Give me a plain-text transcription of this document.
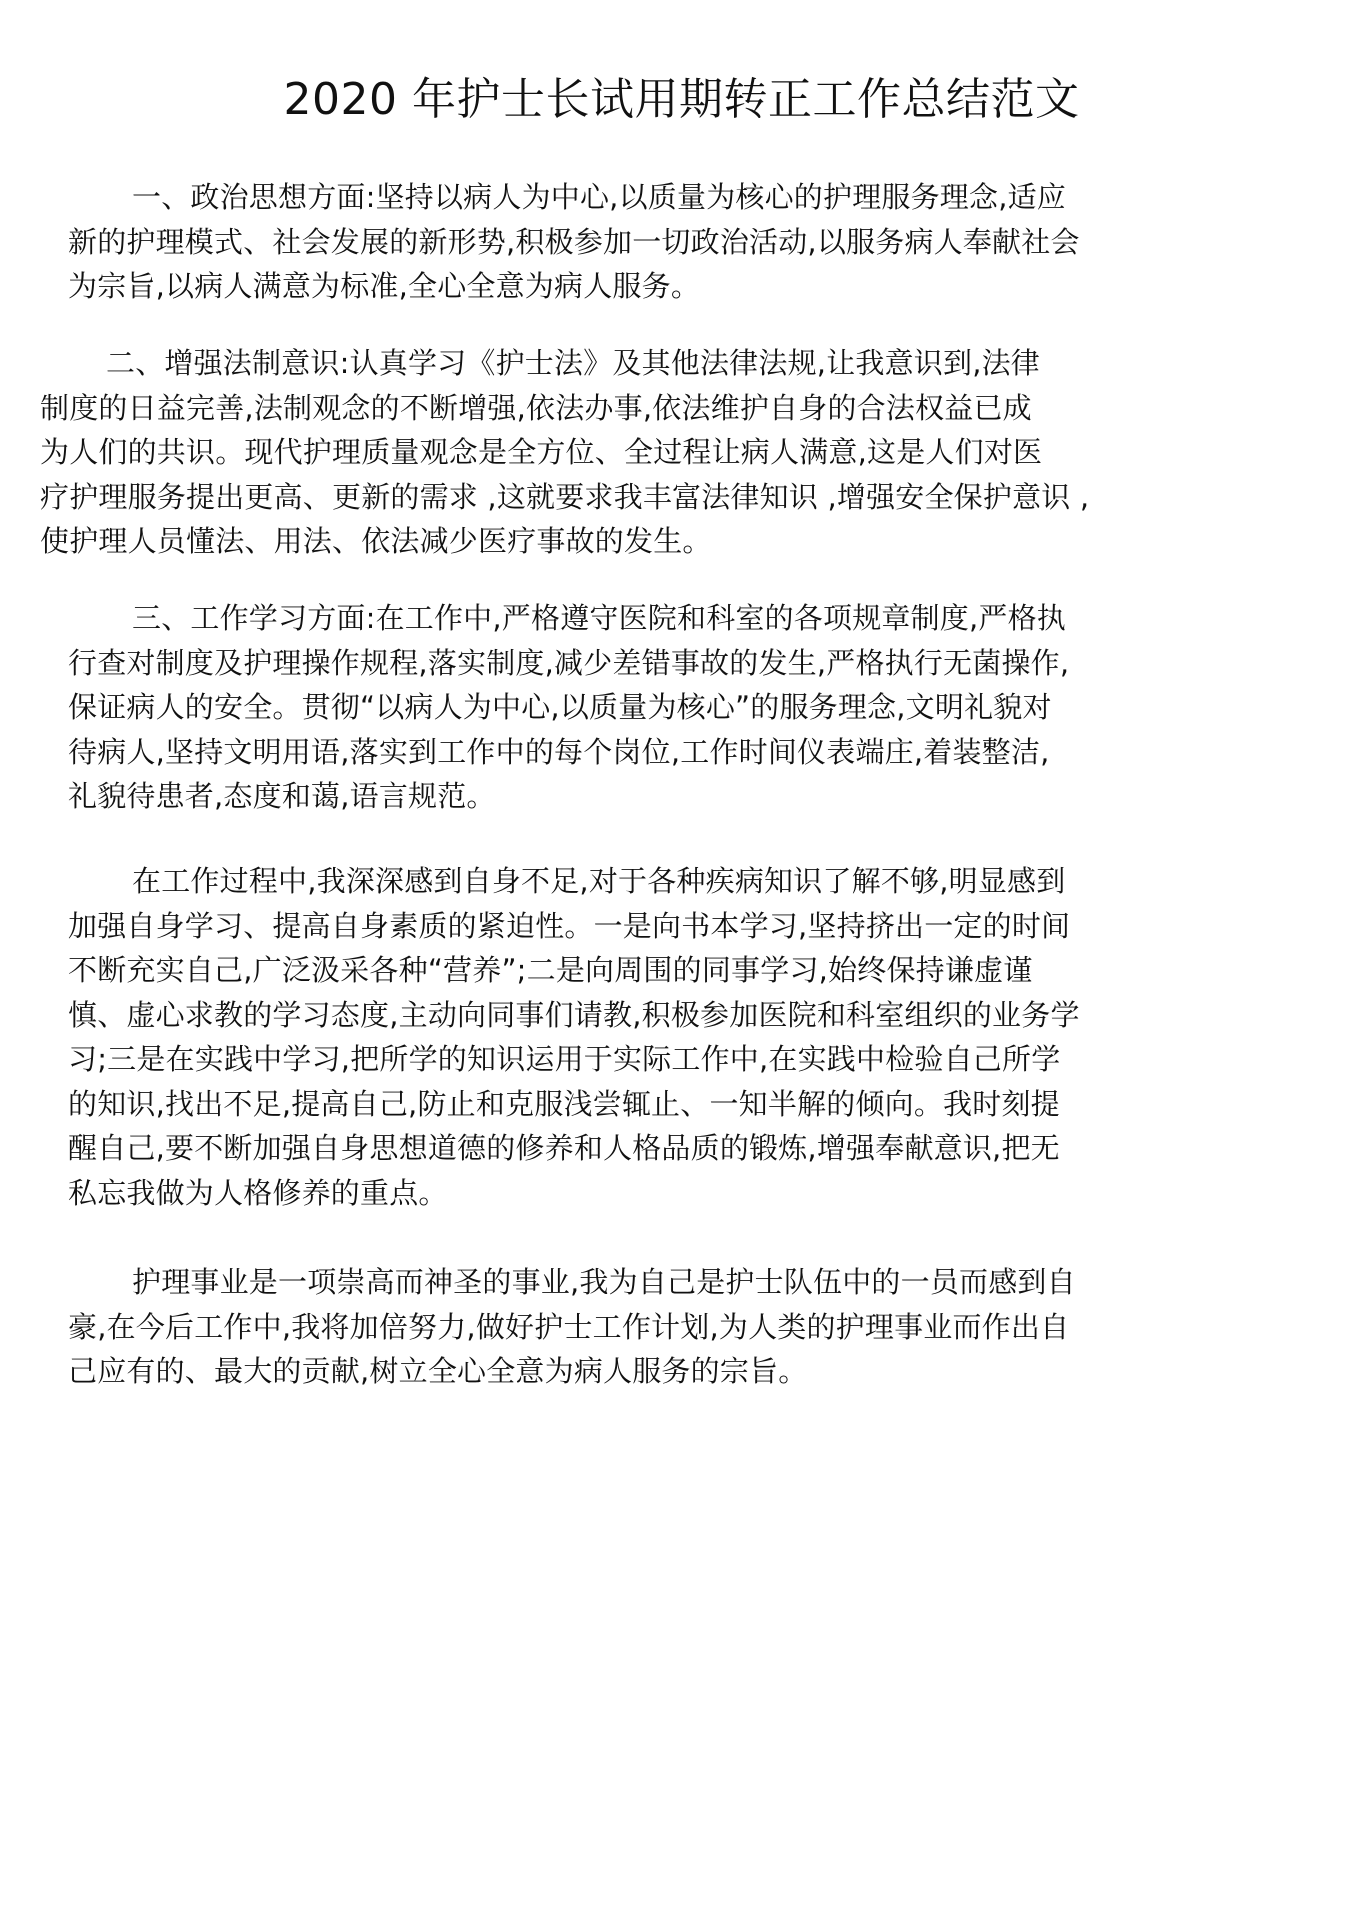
2020 年护士长试用期转正工作总结范文
一、政治思想方面:坚持以病人为中心,以质量为核心的护理服务理念,适应
新的护理模式、社会发展的新形势,积极参加一切政治活动,以服务病人奉献社会
为宗旨,以病人满意为标准,全心全意为病人服务。
二、增强法制意识:认真学习《护士法》及其他法律法规,让我意识到,法律
制度的日益完善,法制观念的不断增强,依法办事,依法维护自身的合法权益已成
为人们的共识。现代护理质量观念是全方位、全过程让病人满意,这是人们对医
疗护理服务提出更高、更新的需求 ,这就要求我丰富法律知识 ,增强安全保护意识 ,
使护理人员懂法、用法、依法减少医疗事故的发生。
三、工作学习方面:在工作中,严格遵守医院和科室的各项规章制度,严格执
行查对制度及护理操作规程,落实制度,减少差错事故的发生,严格执行无菌操作,
保证病人的安全。贯彻“以病人为中心,以质量为核心”的服务理念,文明礼貌对
待病人,坚持文明用语,落实到工作中的每个岗位,工作时间仪表端庄,着装整洁,
礼貌待患者,态度和蔼,语言规范。
在工作过程中,我深深感到自身不足,对于各种疾病知识了解不够,明显感到
加强自身学习、提高自身素质的紧迫性。一是向书本学习,坚持挤出一定的时间
不断充实自己,广泛汲采各种“营养”;二是向周围的同事学习,始终保持谦虚谨
慎、虚心求教的学习态度,主动向同事们请教,积极参加医院和科室组织的业务学
习;三是在实践中学习,把所学的知识运用于实际工作中,在实践中检验自己所学
的知识,找出不足,提高自己,防止和克服浅尝辄止、一知半解的倾向。我时刻提
醒自己,要不断加强自身思想道德的修养和人格品质的锻炼,增强奉献意识,把无
私忘我做为人格修养的重点。
护理事业是一项崇高而神圣的事业,我为自己是护士队伍中的一员而感到自
豪,在今后工作中,我将加倍努力,做好护士工作计划,为人类的护理事业而作出自
己应有的、最大的贡献,树立全心全意为病人服务的宗旨。
